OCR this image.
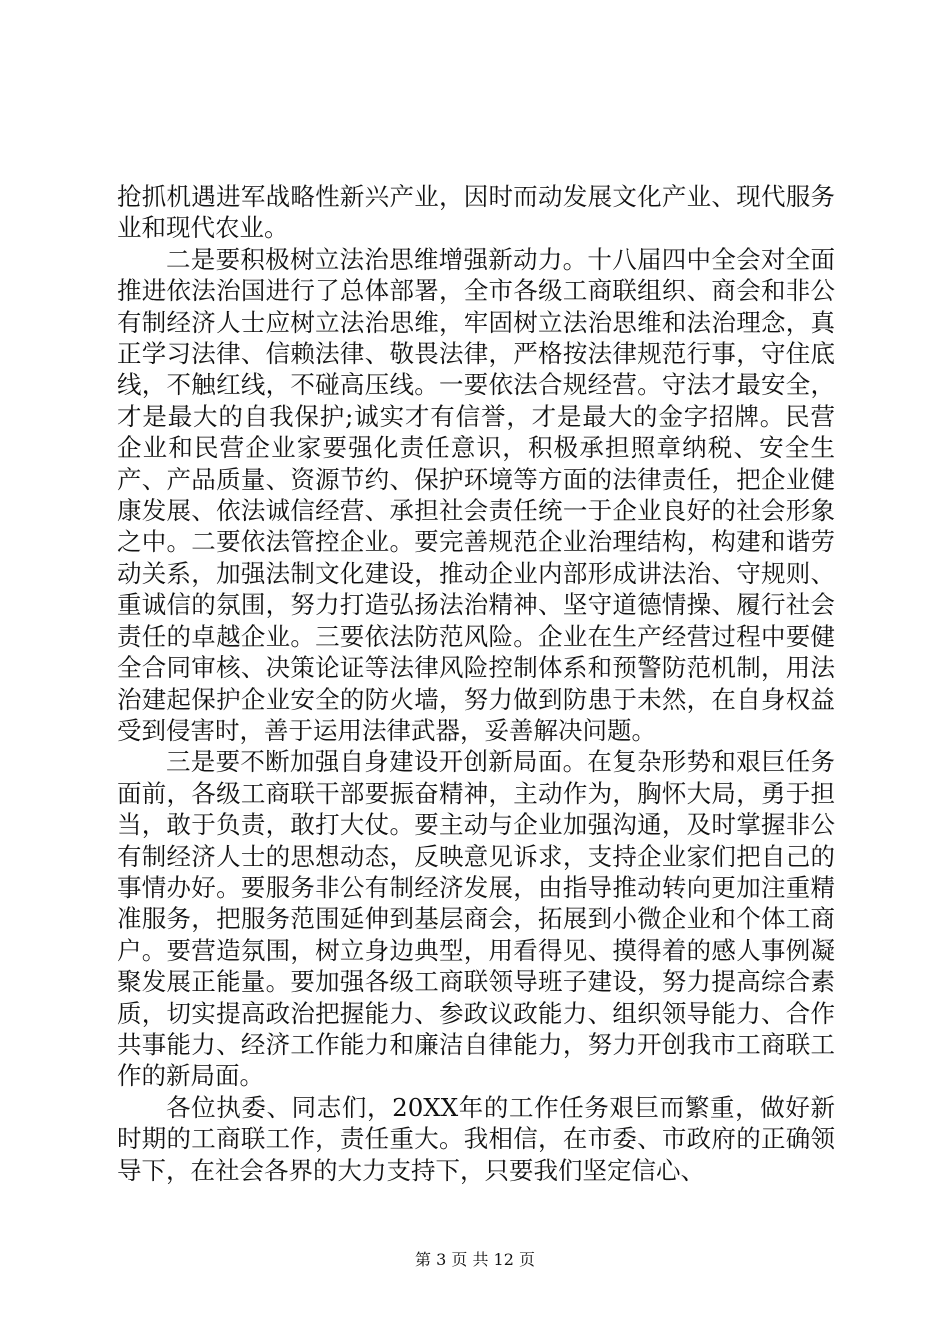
抢抓机遇进军战略性新兴产业，因时而动发展文化产业、现代服务业和现代农业。

二是要积极树立法治思维增强新动力。十八届四中全会对全面推进依法治国进行了总体部署，全市各级工商联组织、商会和非公有制经济人士应树立法治思维，牢固树立法治思维和法治理念，真正学习法律、信赖法律、敬畏法律，严格按法律规范行事，守住底线，不触红线，不碰高压线。一要依法合规经营。守法才最安全，才是最大的自我保护;诚实才有信誉，才是最大的金字招牌。民营企业和民营企业家要强化责任意识，积极承担照章纳税、安全生产、产品质量、资源节约、保护环境等方面的法律责任，把企业健康发展、依法诚信经营、承担社会责任统一于企业良好的社会形象之中。二要依法管控企业。要完善规范企业治理结构，构建和谐劳动关系，加强法制文化建设，推动企业内部形成讲法治、守规则、重诚信的氛围，努力打造弘扬法治精神、坚守道德情操、履行社会责任的卓越企业。三要依法防范风险。企业在生产经营过程中要健全合同审核、决策论证等法律风险控制体系和预警防范机制，用法治建起保护企业安全的防火墙，努力做到防患于未然，在自身权益受到侵害时，善于运用法律武器，妥善解决问题。

三是要不断加强自身建设开创新局面。在复杂形势和艰巨任务面前，各级工商联干部要振奋精神，主动作为，胸怀大局，勇于担当，敢于负责，敢打大仗。要主动与企业加强沟通，及时掌握非公有制经济人士的思想动态，反映意见诉求，支持企业家们把自己的事情办好。要服务非公有制经济发展，由指导推动转向更加注重精准服务，把服务范围延伸到基层商会，拓展到小微企业和个体工商户。要营造氛围，树立身边典型，用看得见、摸得着的感人事例凝聚发展正能量。要加强各级工商联领导班子建设，努力提高综合素质，切实提高政治把握能力、参政议政能力、组织领导能力、合作共事能力、经济工作能力和廉洁自律能力，努力开创我市工商联工作的新局面。

各位执委、同志们，20XX年的工作任务艰巨而繁重，做好新时期的工商联工作，责任重大。我相信，在市委、市政府的正确领导下，在社会各界的大力支持下，只要我们坚定信心、

第 3 页 共 12 页
